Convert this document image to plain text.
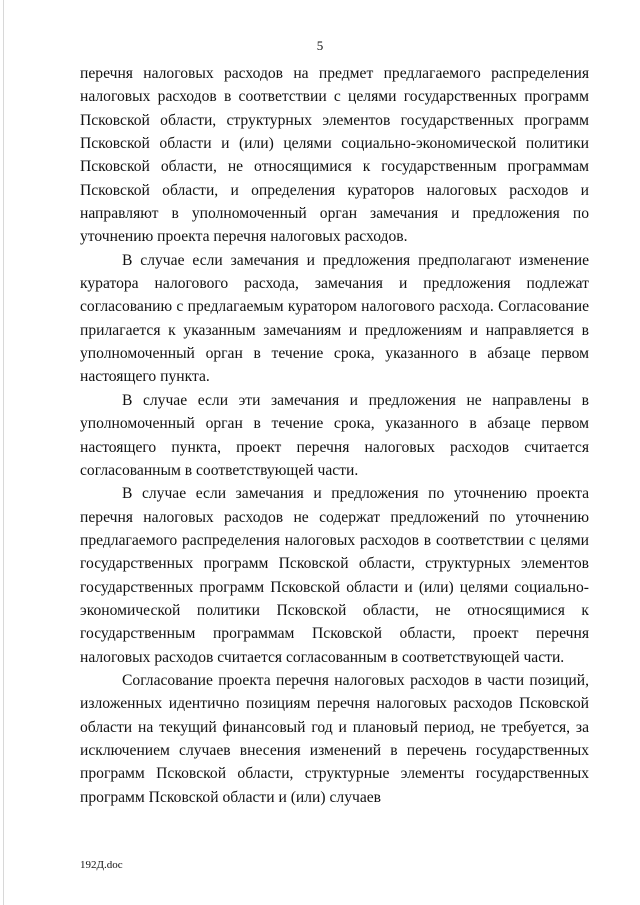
5

перечня налоговых расходов на предмет предлагаемого распределения налоговых расходов в соответствии с целями государственных программ Псковской области, структурных элементов государственных программ Псковской области и (или) целями социально-экономической политики Псковской области, не относящимися к государственным программам Псковской области, и определения кураторов налоговых расходов и направляют в уполномоченный орган замечания и предложения по уточнению проекта перечня налоговых расходов.

В случае если замечания и предложения предполагают изменение куратора налогового расхода, замечания и предложения подлежат согласованию с предлагаемым куратором налогового расхода. Согласование прилагается к указанным замечаниям и предложениям и направляется в уполномоченный орган в течение срока, указанного в абзаце первом настоящего пункта.

В случае если эти замечания и предложения не направлены в уполномоченный орган в течение срока, указанного в абзаце первом настоящего пункта, проект перечня налоговых расходов считается согласованным в соответствующей части.

В случае если замечания и предложения по уточнению проекта перечня налоговых расходов не содержат предложений по уточнению предлагаемого распределения налоговых расходов в соответствии с целями государственных программ Псковской области, структурных элементов государственных программ Псковской области и (или) целями социально-экономической политики Псковской области, не относящимися к государственным программам Псковской области, проект перечня налоговых расходов считается согласованным в соответствующей части.

Согласование проекта перечня налоговых расходов в части позиций, изложенных идентично позициям перечня налоговых расходов Псковской области на текущий финансовый год и плановый период, не требуется, за исключением случаев внесения изменений в перечень государственных программ Псковской области, структурные элементы государственных программ Псковской области и (или) случаев

192Д.doc
